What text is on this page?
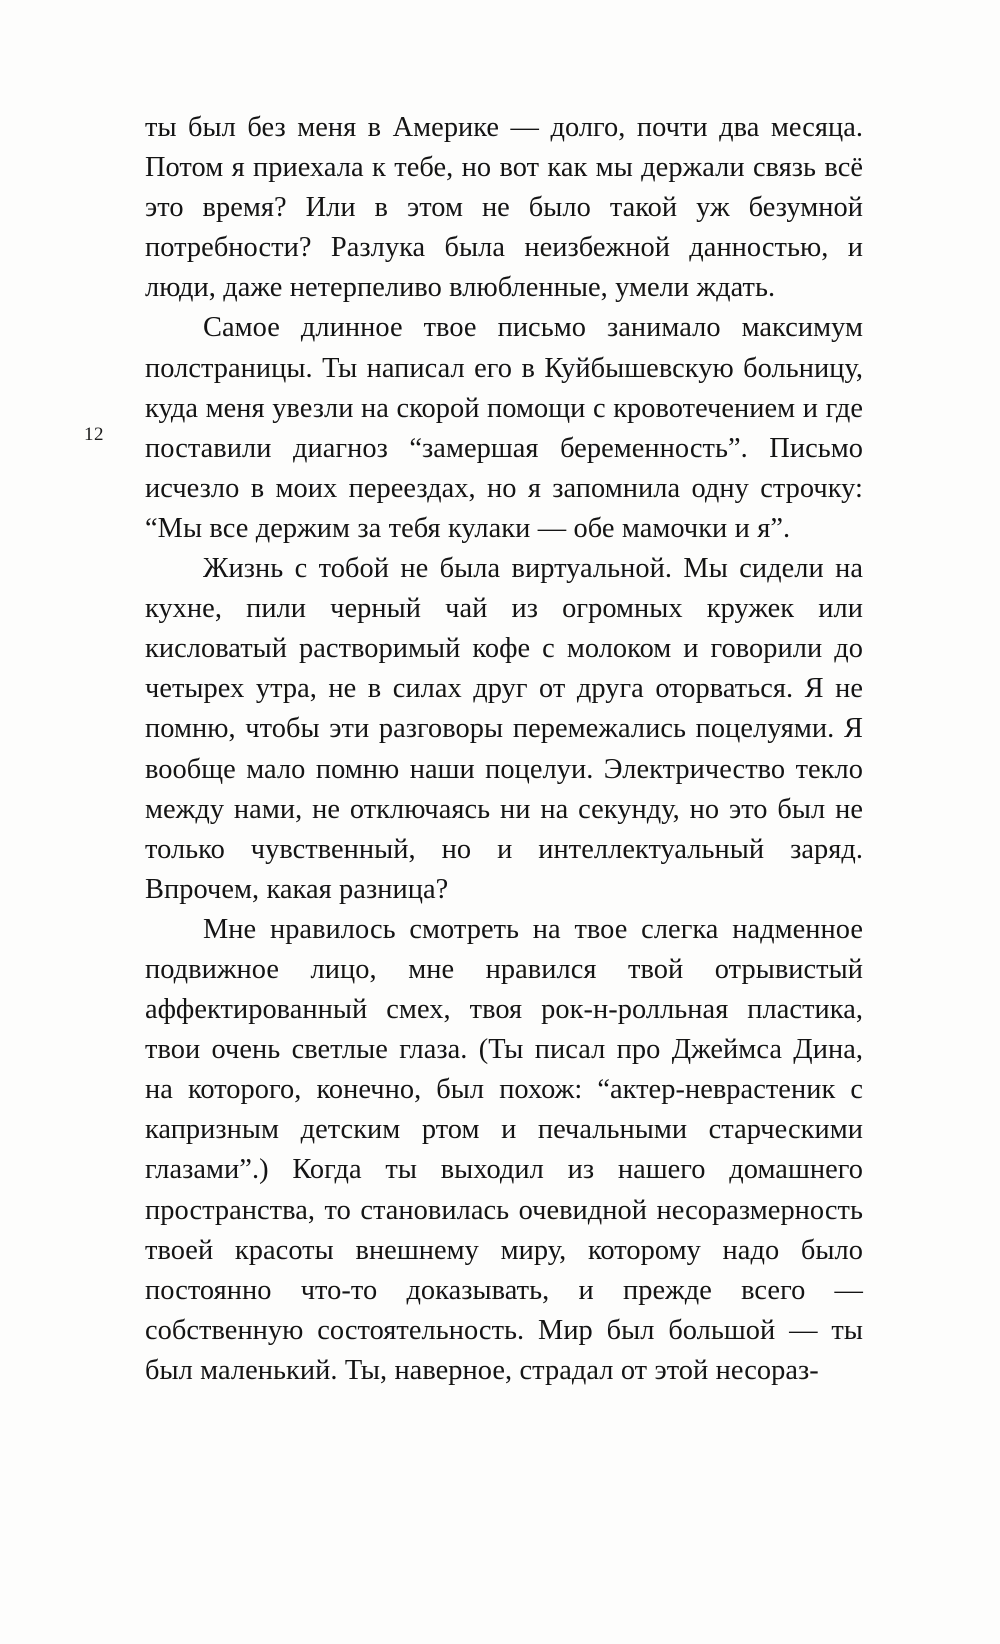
12

ты был без меня в Америке — долго, почти два месяца. Потом я приехала к тебе, но вот как мы держали связь всё это время? Или в этом не было такой уж безумной потребности? Разлука была неизбежной данностью, и люди, даже нетерпеливо влюбленные, умели ждать.

Самое длинное твое письмо занимало максимум полстраницы. Ты написал его в Куйбышевскую больницу, куда меня увезли на скорой помощи с кровотечением и где поставили диагноз “замершая беременность”. Письмо исчезло в моих переездах, но я запомнила одну строчку: “Мы все держим за тебя кулаки — обе мамочки и я”.

Жизнь с тобой не была виртуальной. Мы сидели на кухне, пили черный чай из огромных кружек или кисловатый растворимый кофе с молоком и говорили до четырех утра, не в силах друг от друга оторваться. Я не помню, чтобы эти разговоры перемежались поцелуями. Я вообще мало помню наши поцелуи. Электричество текло между нами, не отключаясь ни на секунду, но это был не только чувственный, но и интеллектуальный заряд. Впрочем, какая разница?

Мне нравилось смотреть на твое слегка надменное подвижное лицо, мне нравился твой отрывистый аффектированный смех, твоя рок-н-ролльная пластика, твои очень светлые глаза. (Ты писал про Джеймса Дина, на которого, конечно, был похож: “актер-неврастеник с капризным детским ртом и печальными старческими глазами”.) Когда ты выходил из нашего домашнего пространства, то становилась очевидной несоразмерность твоей красоты внешнему миру, которому надо было постоянно что-то доказывать, и прежде всего — собственную состоятельность. Мир был большой — ты был маленький. Ты, наверное, страдал от этой несораз-
